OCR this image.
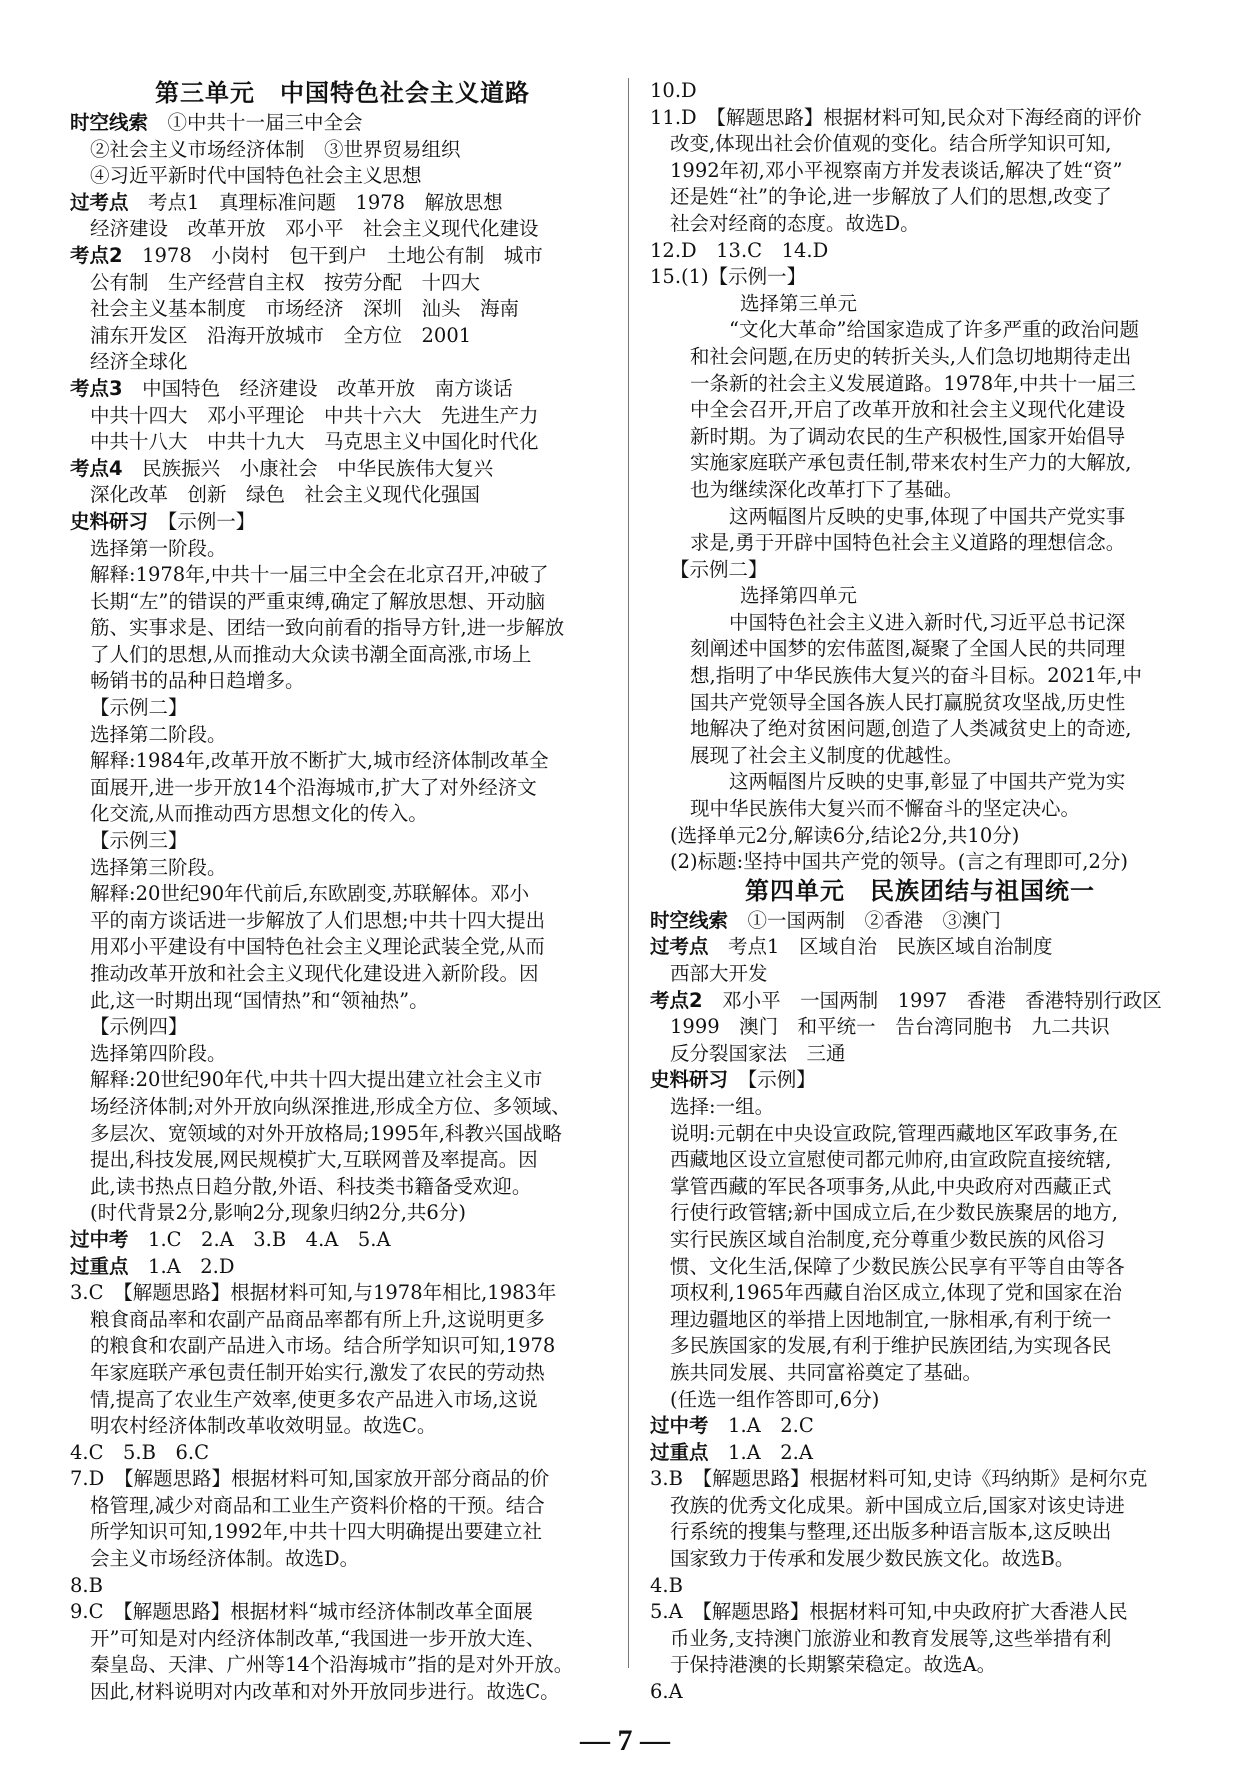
第三单元　中国特色社会主义道路
时空线索　 ①中共十一届三中全会
②社会主义市场经济体制　③世界贸易组织
④习近平新时代中国特色社会主义思想
过考点　 考点1　真理标准问题　1978　解放思想
经济建设　改革开放　邓小平　社会主义现代化建设
考点2　 1978　小岗村　包干到户　土地公有制　城市
公有制　生产经营自主权　按劳分配　十四大
社会主义基本制度　市场经济　深圳　汕头　海南
浦东开发区　沿海开放城市　全方位　2001
经济全球化
考点3　 中国特色　经济建设　改革开放　南方谈话
中共十四大　邓小平理论　中共十六大　先进生产力
中共十八大　中共十九大　马克思主义中国化时代化
考点4　 民族振兴　小康社会　中华民族伟大复兴
深化改革　创新　绿色　社会主义现代化强国
史料研习　 【示例一】
选择第一阶段。
解释:1978年,中共十一届三中全会在北京召开,冲破了
长期“左”的错误的严重束缚,确定了解放思想、开动脑
筋、实事求是、团结一致向前看的指导方针,进一步解放
了人们的思想,从而推动大众读书潮全面高涨,市场上
畅销书的品种日趋增多。
【示例二】
选择第二阶段。
解释:1984年,改革开放不断扩大,城市经济体制改革全
面展开,进一步开放14个沿海城市,扩大了对外经济文
化交流,从而推动西方思想文化的传入。
【示例三】
选择第三阶段。
解释:20世纪90年代前后,东欧剧变,苏联解体。邓小
平的南方谈话进一步解放了人们思想;中共十四大提出
用邓小平建设有中国特色社会主义理论武装全党,从而
推动改革开放和社会主义现代化建设进入新阶段。因
此,这一时期出现“国情热”和“领袖热”。
【示例四】
选择第四阶段。
解释:20世纪90年代,中共十四大提出建立社会主义市
场经济体制;对外开放向纵深推进,形成全方位、多领域、
多层次、宽领域的对外开放格局;1995年,科教兴国战略
提出,科技发展,网民规模扩大,互联网普及率提高。因
此,读书热点日趋分散,外语、科技类书籍备受欢迎。
(时代背景2分,影响2分,现象归纳2分,共6分)
过中考　 1.C　2.A　3.B　4.A　5.A
过重点　 1.A　2.D
3.C　【解题思路】根据材料可知,与1978年相比,1983年
粮食商品率和农副产品商品率都有所上升,这说明更多
的粮食和农副产品进入市场。结合所学知识可知,1978
年家庭联产承包责任制开始实行,激发了农民的劳动热
情,提高了农业生产效率,使更多农产品进入市场,这说
明农村经济体制改革收效明显。故选C。
4.C　5.B　6.C
7.D　【解题思路】根据材料可知,国家放开部分商品的价
格管理,减少对商品和工业生产资料价格的干预。结合
所学知识可知,1992年,中共十四大明确提出要建立社
会主义市场经济体制。故选D。
8.B
9.C　【解题思路】根据材料“城市经济体制改革全面展
开”可知是对内经济体制改革,“我国进一步开放大连、
秦皇岛、天津、广州等14个沿海城市”指的是对外开放。
因此,材料说明对内改革和对外开放同步进行。故选C。
10.D
11.D　【解题思路】根据材料可知,民众对下海经商的评价
改变,体现出社会价值观的变化。结合所学知识可知,
1992年初,邓小平视察南方并发表谈话,解决了姓“资”
还是姓“社”的争论,进一步解放了人们的思想,改变了
社会对经商的态度。故选D。
12.D　13.C　14.D
15.(1)【示例一】
选择第三单元
　　“文化大革命”给国家造成了许多严重的政治问题
和社会问题,在历史的转折关头,人们急切地期待走出
一条新的社会主义发展道路。1978年,中共十一届三
中全会召开,开启了改革开放和社会主义现代化建设
新时期。为了调动农民的生产积极性,国家开始倡导
实施家庭联产承包责任制,带来农村生产力的大解放,
也为继续深化改革打下了基础。
　　这两幅图片反映的史事,体现了中国共产党实事
求是,勇于开辟中国特色社会主义道路的理想信念。
【示例二】
选择第四单元
　　中国特色社会主义进入新时代,习近平总书记深
刻阐述中国梦的宏伟蓝图,凝聚了全国人民的共同理
想,指明了中华民族伟大复兴的奋斗目标。2021年,中
国共产党领导全国各族人民打赢脱贫攻坚战,历史性
地解决了绝对贫困问题,创造了人类减贫史上的奇迹,
展现了社会主义制度的优越性。
　　这两幅图片反映的史事,彰显了中国共产党为实
现中华民族伟大复兴而不懈奋斗的坚定决心。
(选择单元2分,解读6分,结论2分,共10分)
(2)标题:坚持中国共产党的领导。(言之有理即可,2分)
第四单元　民族团结与祖国统一
时空线索　 ①一国两制　②香港　③澳门
过考点　 考点1　区域自治　民族区域自治制度
西部大开发
考点2　 邓小平　一国两制　1997　香港　香港特别行政区
1999　澳门　和平统一　告台湾同胞书　九二共识
反分裂国家法　三通
史料研习　 【示例】
选择:一组。
说明:元朝在中央设宣政院,管理西藏地区军政事务,在
西藏地区设立宣慰使司都元帅府,由宣政院直接统辖,
掌管西藏的军民各项事务,从此,中央政府对西藏正式
行使行政管辖;新中国成立后,在少数民族聚居的地方,
实行民族区域自治制度,充分尊重少数民族的风俗习
惯、文化生活,保障了少数民族公民享有平等自由等各
项权利,1965年西藏自治区成立,体现了党和国家在治
理边疆地区的举措上因地制宜,一脉相承,有利于统一
多民族国家的发展,有利于维护民族团结,为实现各民
族共同发展、共同富裕奠定了基础。
(任选一组作答即可,6分)
过中考　 1.A　2.C
过重点　 1.A　2.A
3.B　【解题思路】根据材料可知,史诗《玛纳斯》是柯尔克
孜族的优秀文化成果。新中国成立后,国家对该史诗进
行系统的搜集与整理,还出版多种语言版本,这反映出
国家致力于传承和发展少数民族文化。故选B。
4.B
5.A　【解题思路】根据材料可知,中央政府扩大香港人民
币业务,支持澳门旅游业和教育发展等,这些举措有利
于保持港澳的长期繁荣稳定。故选A。
6.A
— 7 —
